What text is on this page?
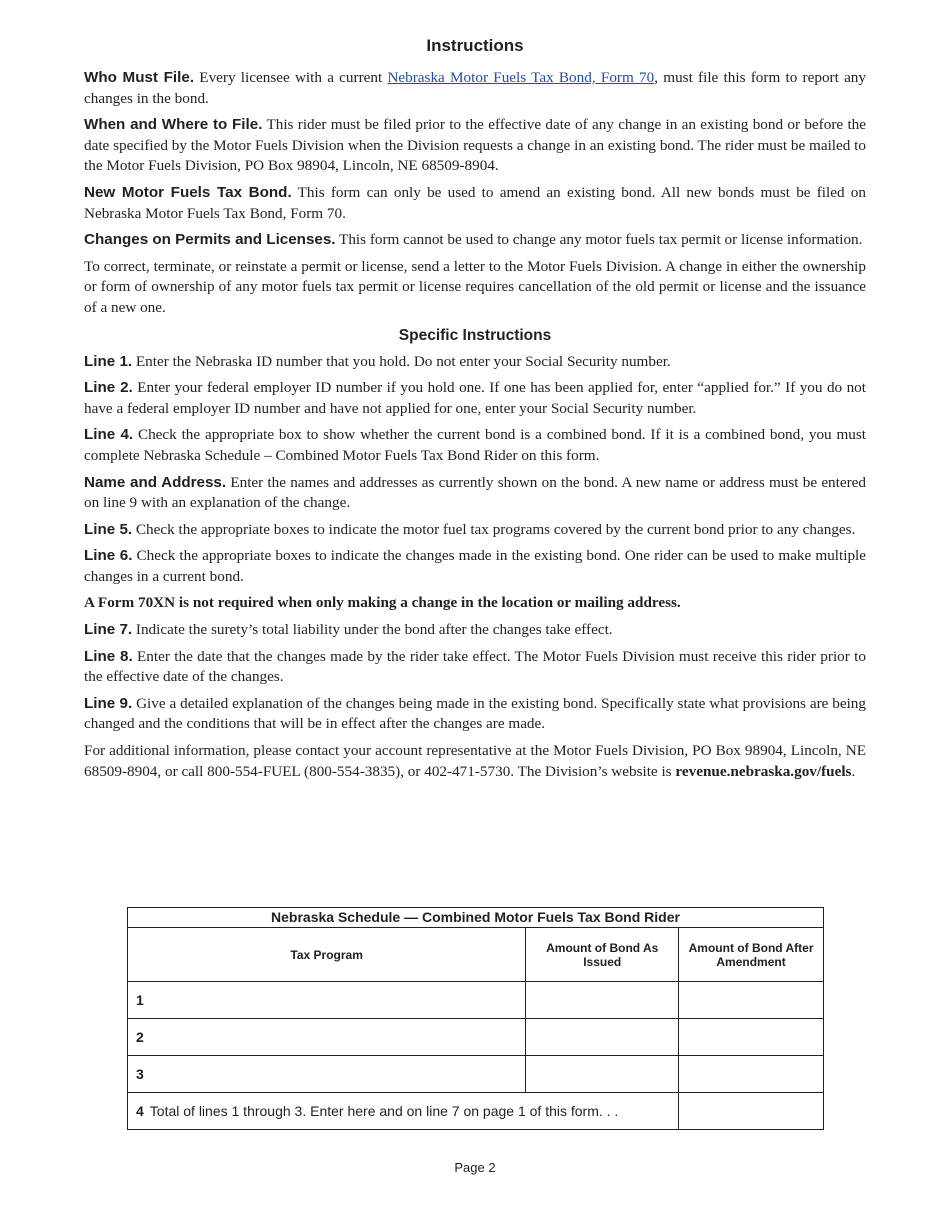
Instructions

Who Must File. Every licensee with a current Nebraska Motor Fuels Tax Bond, Form 70, must file this form to report any changes in the bond.

When and Where to File. This rider must be filed prior to the effective date of any change in an existing bond or before the date specified by the Motor Fuels Division when the Division requests a change in an existing bond. The rider must be mailed to the Motor Fuels Division, PO Box 98904, Lincoln, NE 68509-8904.

New Motor Fuels Tax Bond. This form can only be used to amend an existing bond. All new bonds must be filed on Nebraska Motor Fuels Tax Bond, Form 70.

Changes on Permits and Licenses. This form cannot be used to change any motor fuels tax permit or license information.

To correct, terminate, or reinstate a permit or license, send a letter to the Motor Fuels Division. A change in either the ownership or form of ownership of any motor fuels tax permit or license requires cancellation of the old permit or license and the issuance of a new one.

Specific Instructions

Line 1. Enter the Nebraska ID number that you hold. Do not enter your Social Security number.

Line 2. Enter your federal employer ID number if you hold one. If one has been applied for, enter “applied for.” If you do not have a federal employer ID number and have not applied for one, enter your Social Security number.

Line 4. Check the appropriate box to show whether the current bond is a combined bond. If it is a combined bond, you must complete Nebraska Schedule – Combined Motor Fuels Tax Bond Rider on this form.

Name and Address. Enter the names and addresses as currently shown on the bond. A new name or address must be entered on line 9 with an explanation of the change.

Line 5. Check the appropriate boxes to indicate the motor fuel tax programs covered by the current bond prior to any changes.

Line 6. Check the appropriate boxes to indicate the changes made in the existing bond. One rider can be used to make multiple changes in a current bond.

A Form 70XN is not required when only making a change in the location or mailing address.

Line 7. Indicate the surety’s total liability under the bond after the changes take effect.

Line 8. Enter the date that the changes made by the rider take effect. The Motor Fuels Division must receive this rider prior to the effective date of the changes.

Line 9. Give a detailed explanation of the changes being made in the existing bond. Specifically state what provisions are being changed and the conditions that will be in effect after the changes are made.

For additional information, please contact your account representative at the Motor Fuels Division, PO Box 98904, Lincoln, NE 68509-8904, or call 800-554-FUEL (800-554-3835), or 402-471-5730. The Division’s website is revenue.nebraska.gov/fuels.

Nebraska Schedule — Combined Motor Fuels Tax Bond Rider		
Tax Program	Amount of Bond As Issued	Amount of Bond After Amendment
1		
2		
3		
4 Total of lines 1 through 3. Enter here and on line 7 on page 1 of this form. . .		
Page 2
